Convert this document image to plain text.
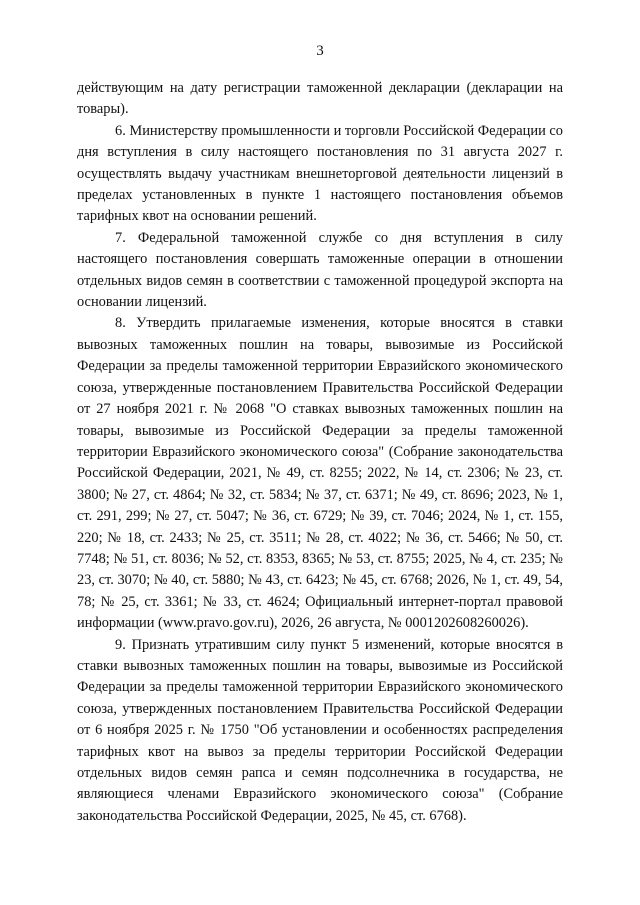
3

действующим на дату регистрации таможенной декларации (декларации на товары).

6. Министерству промышленности и торговли Российской Федерации со дня вступления в силу настоящего постановления по 31 августа 2027 г. осуществлять выдачу участникам внешнеторговой деятельности лицензий в пределах установленных в пункте 1 настоящего постановления объемов тарифных квот на основании решений.

7. Федеральной таможенной службе со дня вступления в силу настоящего постановления совершать таможенные операции в отношении отдельных видов семян в соответствии с таможенной процедурой экспорта на основании лицензий.

8. Утвердить прилагаемые изменения, которые вносятся в ставки вывозных таможенных пошлин на товары, вывозимые из Российской Федерации за пределы таможенной территории Евразийского экономического союза, утвержденные постановлением Правительства Российской Федерации от 27 ноября 2021 г. № 2068 "О ставках вывозных таможенных пошлин на товары, вывозимые из Российской Федерации за пределы таможенной территории Евразийского экономического союза" (Собрание законодательства Российской Федерации, 2021, № 49, ст. 8255; 2022, № 14, ст. 2306; № 23, ст. 3800; № 27, ст. 4864; № 32, ст. 5834; № 37, ст. 6371; № 49, ст. 8696; 2023, № 1, ст. 291, 299; № 27, ст. 5047; № 36, ст. 6729; № 39, ст. 7046; 2024, № 1, ст. 155, 220; № 18, ст. 2433; № 25, ст. 3511; № 28, ст. 4022; № 36, ст. 5466; № 50, ст. 7748; № 51, ст. 8036; № 52, ст. 8353, 8365; № 53, ст. 8755; 2025, № 4, ст. 235; № 23, ст. 3070; № 40, ст. 5880; № 43, ст. 6423; № 45, ст. 6768; 2026, № 1, ст. 49, 54, 78; № 25, ст. 3361; № 33, ст. 4624; Официальный интернет-портал правовой информации (www.pravo.gov.ru), 2026, 26 августа, № 0001202608260026).

9. Признать утратившим силу пункт 5 изменений, которые вносятся в ставки вывозных таможенных пошлин на товары, вывозимые из Российской Федерации за пределы таможенной территории Евразийского экономического союза, утвержденных постановлением Правительства Российской Федерации от 6 ноября 2025 г. № 1750 "Об установлении и особенностях распределения тарифных квот на вывоз за пределы территории Российской Федерации отдельных видов семян рапса и семян подсолнечника в государства, не являющиеся членами Евразийского экономического союза" (Собрание законодательства Российской Федерации, 2025, № 45, ст. 6768).
